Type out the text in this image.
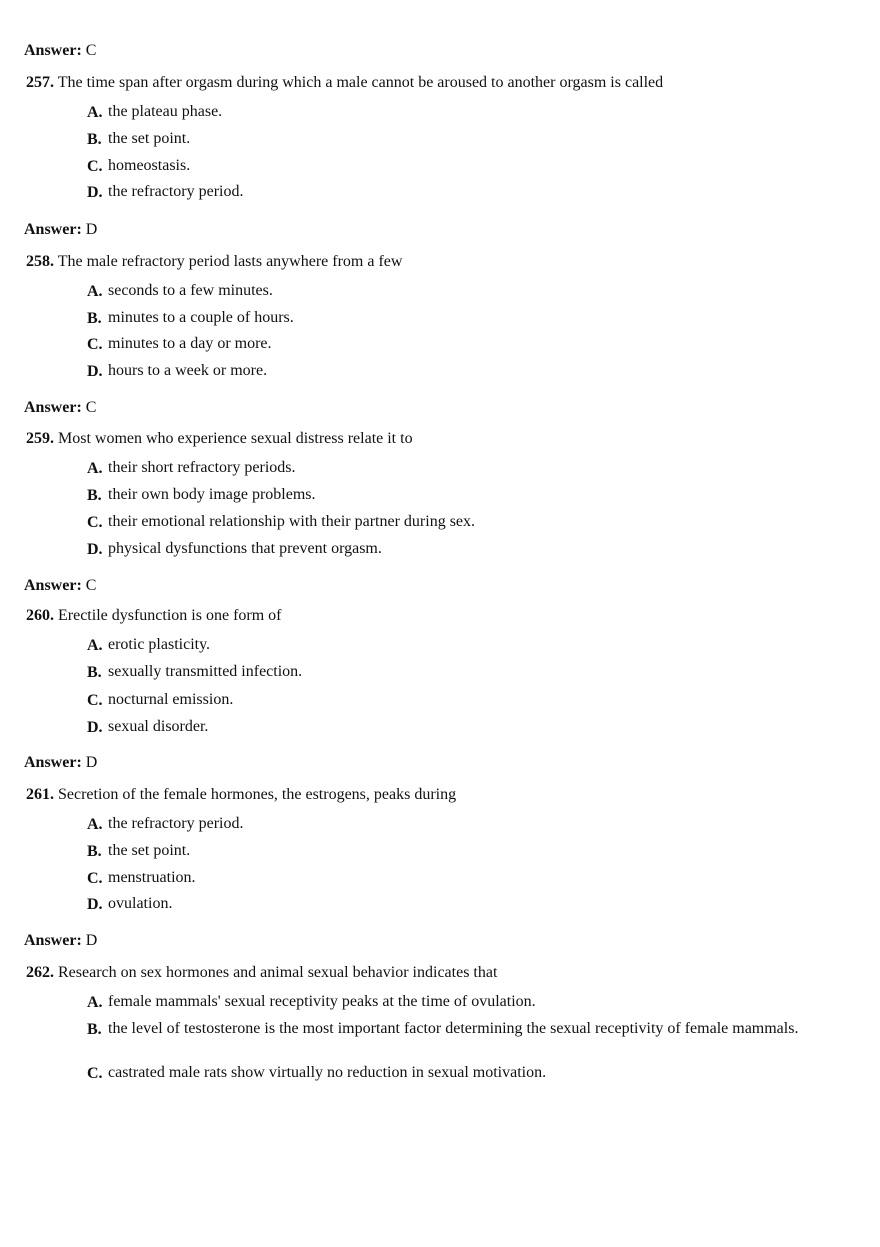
Answer: C
257. The time span after orgasm during which a male cannot be aroused to another orgasm is called
A. the plateau phase.
B. the set point.
C. homeostasis.
D. the refractory period.
Answer: D
258. The male refractory period lasts anywhere from a few
A. seconds to a few minutes.
B. minutes to a couple of hours.
C. minutes to a day or more.
D. hours to a week or more.
Answer: C
259. Most women who experience sexual distress relate it to
A. their short refractory periods.
B. their own body image problems.
C. their emotional relationship with their partner during sex.
D. physical dysfunctions that prevent orgasm.
Answer: C
260. Erectile dysfunction is one form of
A. erotic plasticity.
B. sexually transmitted infection.
C. nocturnal emission.
D. sexual disorder.
Answer: D
261. Secretion of the female hormones, the estrogens, peaks during
A. the refractory period.
B. the set point.
C. menstruation.
D. ovulation.
Answer: D
262. Research on sex hormones and animal sexual behavior indicates that
A. female mammals' sexual receptivity peaks at the time of ovulation.
B. the level of testosterone is the most important factor determining the sexual receptivity of female mammals.
C. castrated male rats show virtually no reduction in sexual motivation.
